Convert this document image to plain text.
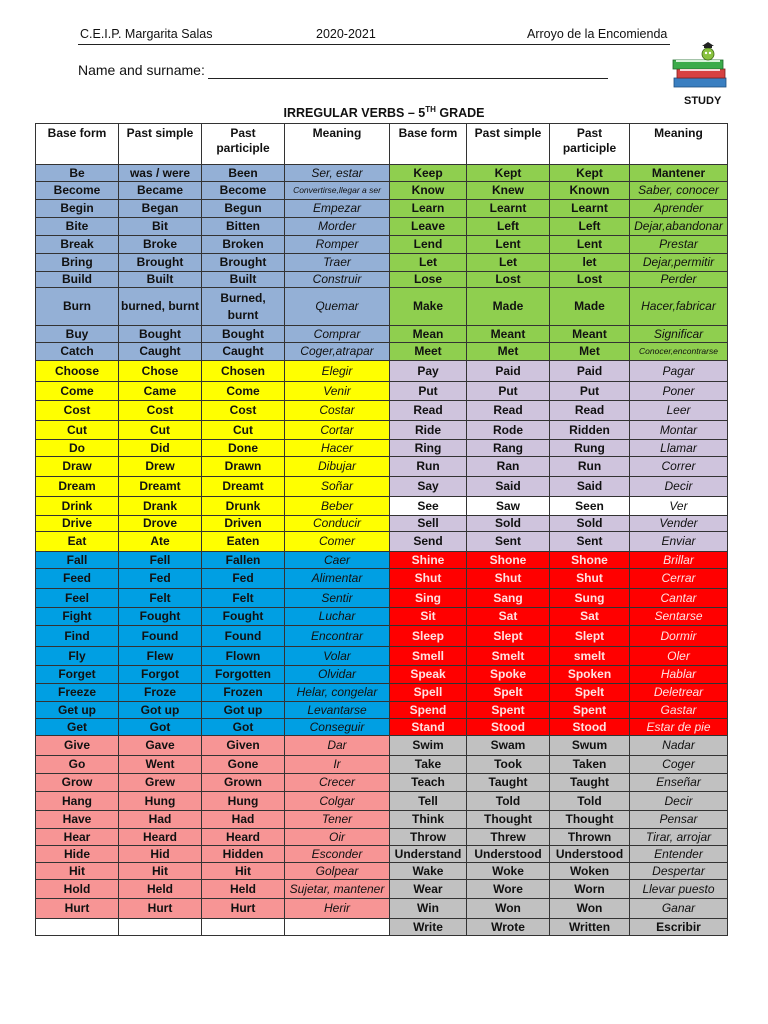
C.E.I.P. Margarita Salas	2020-2021	Arroyo de la Encomienda
Name and surname:
STUDY
IRREGULAR VERBS – 5TH GRADE
Base form	Past simple	Past participle	Meaning	Base form	Past simple	Past participle	Meaning
Be	was / were	Been	Ser, estar	Keep	Kept	Kept	Mantener
Become	Became	Become	Convertirse,llegar a ser	Know	Knew	Known	Saber, conocer
Begin	Began	Begun	Empezar	Learn	Learnt	Learnt	Aprender
Bite	Bit	Bitten	Morder	Leave	Left	Left	Dejar,abandonar
Break	Broke	Broken	Romper	Lend	Lent	Lent	Prestar
Bring	Brought	Brought	Traer	Let	Let	let	Dejar,permitir
Build	Built	Built	Construir	Lose	Lost	Lost	Perder
Burn	burned, burnt	Burned, burnt	Quemar	Make	Made	Made	Hacer,fabricar
Buy	Bought	Bought	Comprar	Mean	Meant	Meant	Significar
Catch	Caught	Caught	Coger,atrapar	Meet	Met	Met	Conocer,encontrarse
Choose	Chose	Chosen	Elegir	Pay	Paid	Paid	Pagar
Come	Came	Come	Venir	Put	Put	Put	Poner
Cost	Cost	Cost	Costar	Read	Read	Read	Leer
Cut	Cut	Cut	Cortar	Ride	Rode	Ridden	Montar
Do	Did	Done	Hacer	Ring	Rang	Rung	Llamar
Draw	Drew	Drawn	Dibujar	Run	Ran	Run	Correr
Dream	Dreamt	Dreamt	Soñar	Say	Said	Said	Decir
Drink	Drank	Drunk	Beber	See	Saw	Seen	Ver
Drive	Drove	Driven	Conducir	Sell	Sold	Sold	Vender
Eat	Ate	Eaten	Comer	Send	Sent	Sent	Enviar
Fall	Fell	Fallen	Caer	Shine	Shone	Shone	Brillar
Feed	Fed	Fed	Alimentar	Shut	Shut	Shut	Cerrar
Feel	Felt	Felt	Sentir	Sing	Sang	Sung	Cantar
Fight	Fought	Fought	Luchar	Sit	Sat	Sat	Sentarse
Find	Found	Found	Encontrar	Sleep	Slept	Slept	Dormir
Fly	Flew	Flown	Volar	Smell	Smelt	smelt	Oler
Forget	Forgot	Forgotten	Olvidar	Speak	Spoke	Spoken	Hablar
Freeze	Froze	Frozen	Helar, congelar	Spell	Spelt	Spelt	Deletrear
Get up	Got up	Got up	Levantarse	Spend	Spent	Spent	Gastar
Get	Got	Got	Conseguir	Stand	Stood	Stood	Estar de pie
Give	Gave	Given	Dar	Swim	Swam	Swum	Nadar
Go	Went	Gone	Ir	Take	Took	Taken	Coger
Grow	Grew	Grown	Crecer	Teach	Taught	Taught	Enseñar
Hang	Hung	Hung	Colgar	Tell	Told	Told	Decir
Have	Had	Had	Tener	Think	Thought	Thought	Pensar
Hear	Heard	Heard	Oir	Throw	Threw	Thrown	Tirar, arrojar
Hide	Hid	Hidden	Esconder	Understand	Understood	Understood	Entender
Hit	Hit	Hit	Golpear	Wake	Woke	Woken	Despertar
Hold	Held	Held	Sujetar, mantener	Wear	Wore	Worn	Llevar puesto
Hurt	Hurt	Hurt	Herir	Win	Won	Won	Ganar
				Write	Wrote	Written	Escribir
